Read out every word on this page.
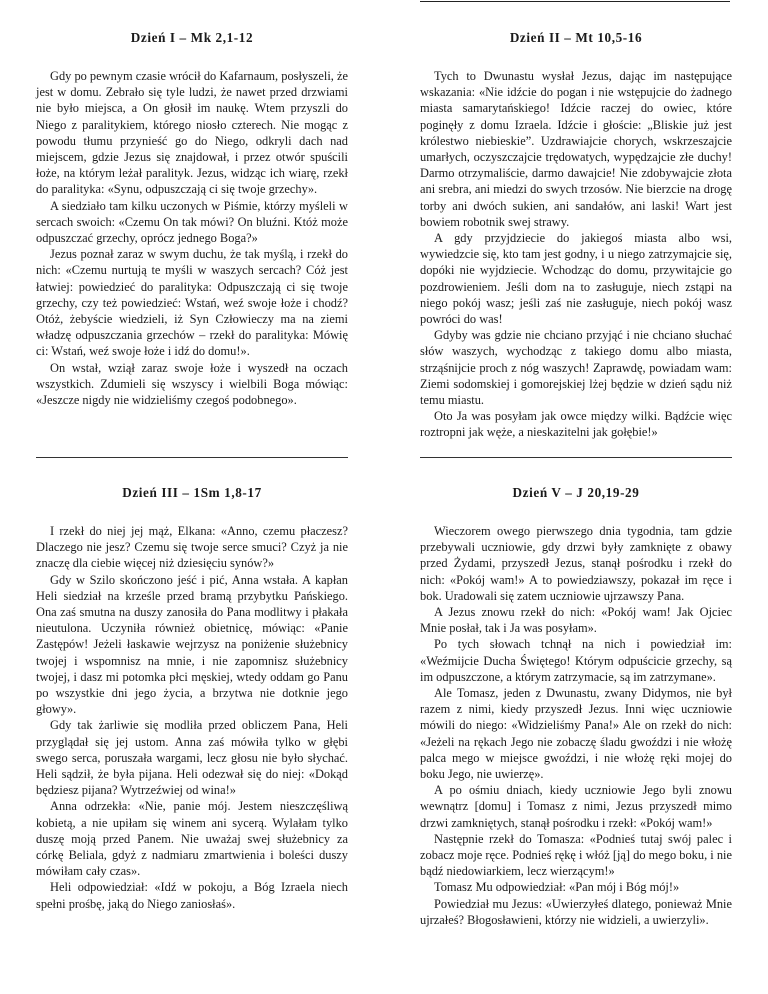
Dzień I – Mk 2,1-12

Gdy po pewnym czasie wrócił do Kafarnaum, posłyszeli, że jest w domu. Zebrało się tyle ludzi, że nawet przed drzwiami nie było miejsca, a On głosił im naukę. Wtem przyszli do Niego z paralitykiem, którego niosło czterech. Nie mogąc z powodu tłumu przynieść go do Niego, odkryli dach nad miejscem, gdzie Jezus się znajdował, i przez otwór spuścili łoże, na którym leżał paralityk. Jezus, widząc ich wiarę, rzekł do paralityka: «Synu, odpuszczają ci się twoje grzechy».

A siedziało tam kilku uczonych w Piśmie, którzy myśleli w sercach swoich: «Czemu On tak mówi? On bluźni. Któż może odpuszczać grzechy, oprócz jednego Boga?»

Jezus poznał zaraz w swym duchu, że tak myślą, i rzekł do nich: «Czemu nurtują te myśli w waszych sercach? Cóż jest łatwiej: powiedzieć do paralityka: Odpuszczają ci się twoje grzechy, czy też powiedzieć: Wstań, weź swoje łoże i chodź? Otóż, żebyście wiedzieli, iż Syn Człowieczy ma na ziemi władzę odpuszczania grzechów – rzekł do paralityka: Mówię ci: Wstań, weź swoje łoże i idź do domu!».

On wstał, wziął zaraz swoje łoże i wyszedł na oczach wszystkich. Zdumieli się wszyscy i wielbili Boga mówiąc: «Jeszcze nigdy nie widzieliśmy czegoś podobnego».

Dzień II – Mt 10,5-16

Tych to Dwunastu wysłał Jezus, dając im następujące wskazania: «Nie idźcie do pogan i nie wstępujcie do żadnego miasta samarytańskiego! Idźcie raczej do owiec, które poginęły z domu Izraela. Idźcie i głoście: „Bliskie już jest królestwo niebieskie”. Uzdrawiajcie chorych, wskrzeszajcie umarłych, oczyszczajcie trędowatych, wypędzajcie złe duchy! Darmo otrzymaliście, darmo dawajcie! Nie zdobywajcie złota ani srebra, ani miedzi do swych trzosów. Nie bierzcie na drogę torby ani dwóch sukien, ani sandałów, ani laski! Wart jest bowiem robotnik swej strawy.

A gdy przyjdziecie do jakiegoś miasta albo wsi, wywiedzcie się, kto tam jest godny, i u niego zatrzymajcie się, dopóki nie wyjdziecie. Wchodząc do domu, przywitajcie go pozdrowieniem. Jeśli dom na to zasługuje, niech zstąpi na niego pokój wasz; jeśli zaś nie zasługuje, niech pokój wasz powróci do was!

Gdyby was gdzie nie chciano przyjąć i nie chciano słuchać słów waszych, wychodząc z takiego domu albo miasta, strząśnijcie proch z nóg waszych! Zaprawdę, powiadam wam: Ziemi sodomskiej i gomorejskiej lżej będzie w dzień sądu niż temu miastu.

Oto Ja was posyłam jak owce między wilki. Bądźcie więc roztropni jak węże, a nieskazitelni jak gołębie!»

Dzień III – 1Sm 1,8-17

I rzekł do niej jej mąż, Elkana: «Anno, czemu płaczesz? Dlaczego nie jesz? Czemu się twoje serce smuci? Czyż ja nie znaczę dla ciebie więcej niż dziesięciu synów?»

Gdy w Szilo skończono jeść i pić, Anna wstała. A kapłan Heli siedział na krześle przed bramą przybytku Pańskiego. Ona zaś smutna na duszy zanosiła do Pana modlitwy i płakała nieutulona. Uczyniła również obietnicę, mówiąc: «Panie Zastępów! Jeżeli łaskawie wejrzysz na poniżenie służebnicy twojej i wspomnisz na mnie, i nie zapomnisz służebnicy twojej, i dasz mi potomka płci męskiej, wtedy oddam go Panu po wszystkie dni jego życia, a brzytwa nie dotknie jego głowy».

Gdy tak żarliwie się modliła przed obliczem Pana, Heli przyglądał się jej ustom. Anna zaś mówiła tylko w głębi swego serca, poruszała wargami, lecz głosu nie było słychać. Heli sądził, że była pijana. Heli odezwał się do niej: «Dokąd będziesz pijana? Wytrzeźwiej od wina!»

Anna odrzekła: «Nie, panie mój. Jestem nieszczęśliwą kobietą, a nie upiłam się winem ani sycerą. Wylałam tylko duszę moją przed Panem. Nie uważaj swej służebnicy za córkę Beliala, gdyż z nadmiaru zmartwienia i boleści duszy mówiłam cały czas».

Heli odpowiedział: «Idź w pokoju, a Bóg Izraela niech spełni prośbę, jaką do Niego zaniosłaś».

Dzień V – J 20,19-29

Wieczorem owego pierwszego dnia tygodnia, tam gdzie przebywali uczniowie, gdy drzwi były zamknięte z obawy przed Żydami, przyszedł Jezus, stanął pośrodku i rzekł do nich: «Pokój wam!» A to powiedziawszy, pokazał im ręce i bok. Uradowali się zatem uczniowie ujrzawszy Pana.

A Jezus znowu rzekł do nich: «Pokój wam! Jak Ojciec Mnie posłał, tak i Ja was posyłam».

Po tych słowach tchnął na nich i powiedział im: «Weźmijcie Ducha Świętego! Którym odpuścicie grzechy, są im odpuszczone, a którym zatrzymacie, są im zatrzymane».

Ale Tomasz, jeden z Dwunastu, zwany Didymos, nie był razem z nimi, kiedy przyszedł Jezus. Inni więc uczniowie mówili do niego: «Widzieliśmy Pana!» Ale on rzekł do nich: «Jeżeli na rękach Jego nie zobaczę śladu gwoździ i nie włożę palca mego w miejsce gwoździ, i nie włożę ręki mojej do boku Jego, nie uwierzę».

A po ośmiu dniach, kiedy uczniowie Jego byli znowu wewnątrz [domu] i Tomasz z nimi, Jezus przyszedł mimo drzwi zamkniętych, stanął pośrodku i rzekł: «Pokój wam!»

Następnie rzekł do Tomasza: «Podnieś tutaj swój palec i zobacz moje ręce. Podnieś rękę i włóż [ją] do mego boku, i nie bądź niedowiarkiem, lecz wierzącym!»

Tomasz Mu odpowiedział: «Pan mój i Bóg mój!»

Powiedział mu Jezus: «Uwierzyłeś dlatego, ponieważ Mnie ujrzałeś? Błogosławieni, którzy nie widzieli, a uwierzyli».
